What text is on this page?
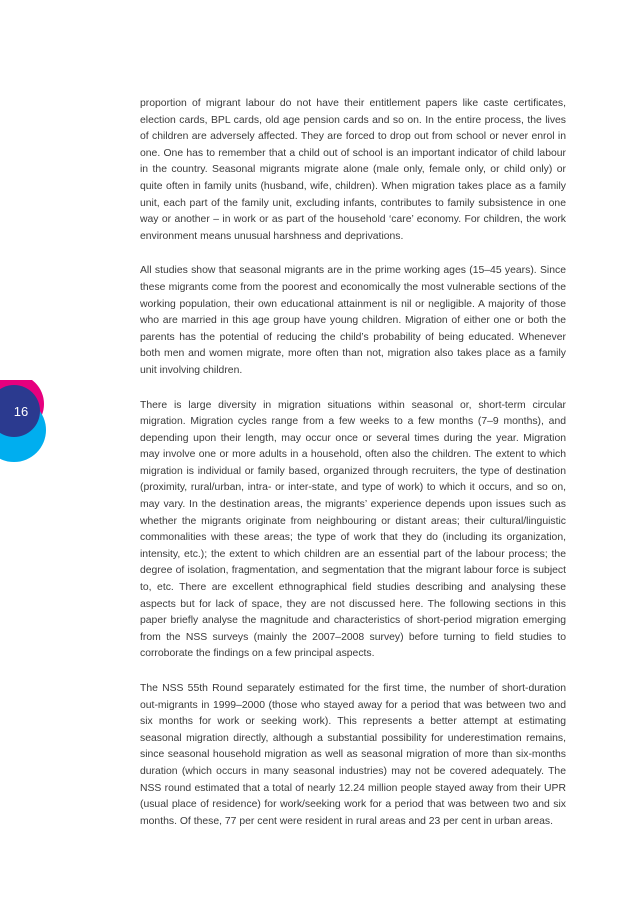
16

proportion of migrant labour do not have their entitlement papers like caste certificates, election cards, BPL cards, old age pension cards and so on. In the entire process, the lives of children are adversely affected. They are forced to drop out from school or never enrol in one. One has to remember that a child out of school is an important indicator of child labour in the country. Seasonal migrants migrate alone (male only, female only, or child only) or quite often in family units (husband, wife, children). When migration takes place as a family unit, each part of the family unit, excluding infants, contributes to family subsistence in one way or another – in work or as part of the household ‘care’ economy. For children, the work environment means unusual harshness and deprivations.

All studies show that seasonal migrants are in the prime working ages (15–45 years). Since these migrants come from the poorest and economically the most vulnerable sections of the working population, their own educational attainment is nil or negligible. A majority of those who are married in this age group have young children. Migration of either one or both the parents has the potential of reducing the child’s probability of being educated. Whenever both men and women migrate, more often than not, migration also takes place as a family unit involving children.

There is large diversity in migration situations within seasonal or, short-term circular migration. Migration cycles range from a few weeks to a few months (7–9 months), and depending upon their length, may occur once or several times during the year. Migration may involve one or more adults in a household, often also the children. The extent to which migration is individual or family based, organized through recruiters, the type of destination (proximity, rural/urban, intra- or inter-state, and type of work) to which it occurs, and so on, may vary. In the destination areas, the migrants’ experience depends upon issues such as whether the migrants originate from neighbouring or distant areas; their cultural/linguistic commonalities with these areas; the type of work that they do (including its organization, intensity, etc.); the extent to which children are an essential part of the labour process; the degree of isolation, fragmentation, and segmentation that the migrant labour force is subject to, etc. There are excellent ethnographical field studies describing and analysing these aspects but for lack of space, they are not discussed here. The following sections in this paper briefly analyse the magnitude and characteristics of short-period migration emerging from the NSS surveys (mainly the 2007–2008 survey) before turning to field studies to corroborate the findings on a few principal aspects.

The NSS 55th Round separately estimated for the first time, the number of short-duration out-migrants in 1999–2000 (those who stayed away for a period that was between two and six months for work or seeking work). This represents a better attempt at estimating seasonal migration directly, although a substantial possibility for underestimation remains, since seasonal household migration as well as seasonal migration of more than six-months duration (which occurs in many seasonal industries) may not be covered adequately. The NSS round estimated that a total of nearly 12.24 million people stayed away from their UPR (usual place of residence) for work/seeking work for a period that was between two and six months. Of these, 77 per cent were resident in rural areas and 23 per cent in urban areas.
